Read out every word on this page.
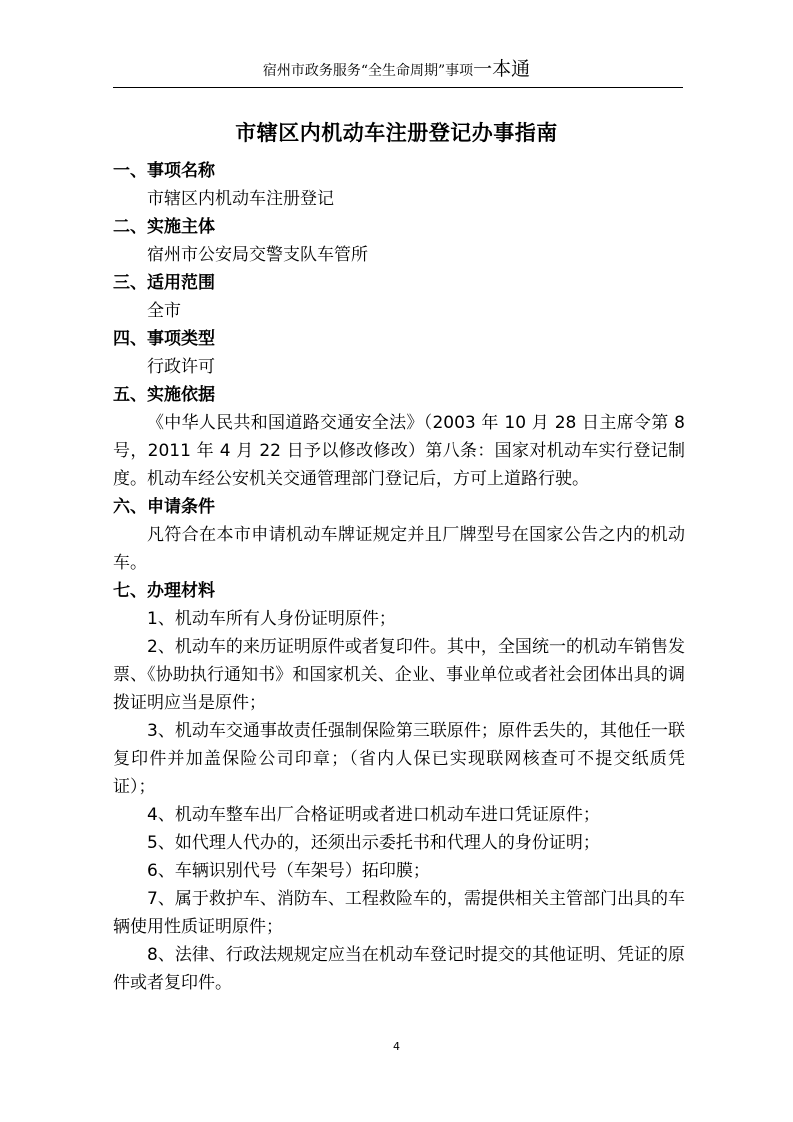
宿州市政务服务“全生命周期”事项一本通
市辖区内机动车注册登记办事指南
一、事项名称
市辖区内机动车注册登记
二、实施主体
宿州市公安局交警支队车管所
三、适用范围
全市
四、事项类型
行政许可
五、实施依据
《中华人民共和国道路交通安全法》（2003 年 10 月 28 日主席令第 8 号，2011 年 4 月 22 日予以修改修改）第八条：国家对机动车实行登记制度。机动车经公安机关交通管理部门登记后，方可上道路行驶。
六、申请条件
凡符合在本市申请机动车牌证规定并且厂牌型号在国家公告之内的机动车。
七、办理材料
1、机动车所有人身份证明原件；
2、机动车的来历证明原件或者复印件。其中，全国统一的机动车销售发票、《协助执行通知书》和国家机关、企业、事业单位或者社会团体出具的调拨证明应当是原件；
3、机动车交通事故责任强制保险第三联原件；原件丢失的，其他任一联复印件并加盖保险公司印章；（省内人保已实现联网核查可不提交纸质凭证）；
4、机动车整车出厂合格证明或者进口机动车进口凭证原件；
5、如代理人代办的，还须出示委托书和代理人的身份证明；
6、车辆识别代号（车架号）拓印膜；
7、属于救护车、消防车、工程救险车的，需提供相关主管部门出具的车辆使用性质证明原件；
8、法律、行政法规规定应当在机动车登记时提交的其他证明、凭证的原件或者复印件。
4
